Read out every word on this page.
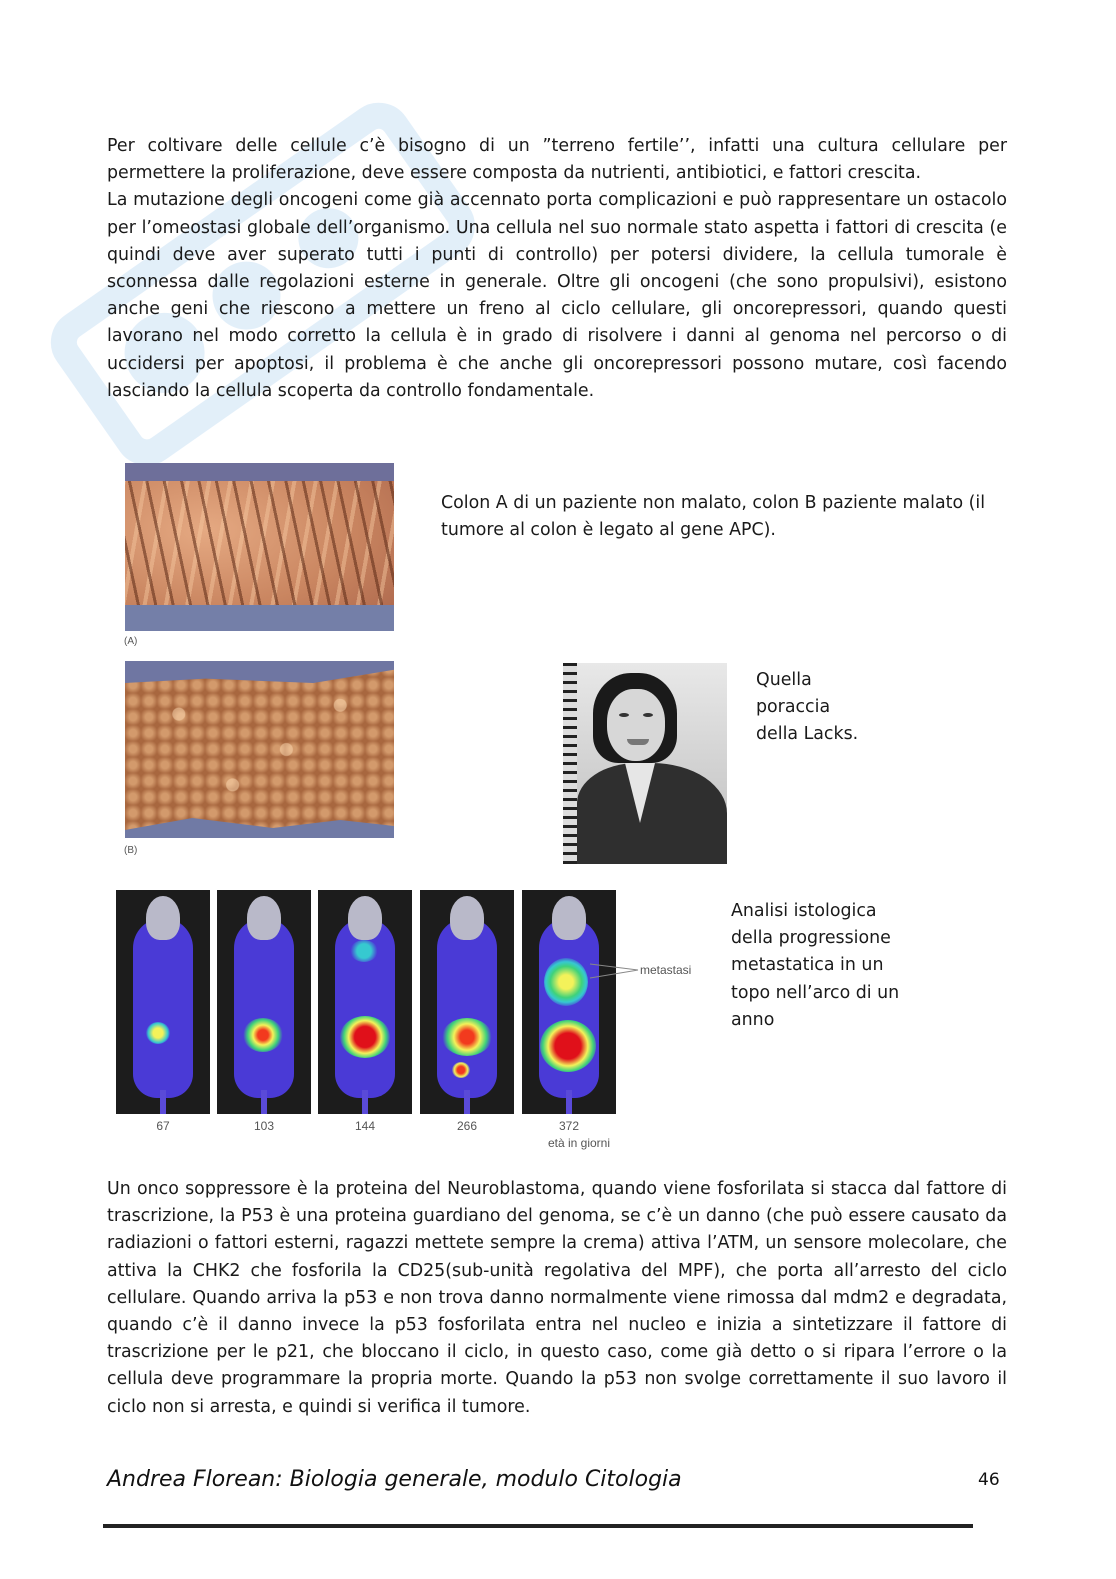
Per coltivare delle cellule c’è bisogno di un ”terreno fertile’’, infatti una cultura cellulare per permettere la proliferazione, deve essere composta da nutrienti, antibiotici, e fattori crescita.

La mutazione degli oncogeni come già accennato porta complicazioni e può rappresentare un ostacolo per l’omeostasi globale dell’organismo. Una cellula nel suo normale stato aspetta i fattori di crescita (e quindi deve aver superato tutti i punti di controllo) per potersi dividere, la cellula tumorale è sconnessa dalle regolazioni esterne in generale. Oltre gli oncogeni (che sono propulsivi), esistono anche geni che riescono a mettere un freno al ciclo cellulare, gli oncorepressori, quando questi lavorano nel modo corretto la cellula è in grado di risolvere i danni al genoma nel percorso o di uccidersi per apoptosi, il problema è che anche gli oncorepressori possono mutare, così facendo lasciando la cellula scoperta da controllo fondamentale.

(A)
(B)
Colon A di un paziente non malato, colon B paziente malato (il
tumore al colon è legato al gene APC).
Quella
poraccia
della Lacks.
metastasi
67	103	144	266	372
età in giorni
Analisi istologica
della progressione
metastatica in un
topo nell’arco di un
anno

Un onco soppressore è la proteina del Neuroblastoma, quando viene fosforilata si stacca dal fattore di trascrizione, la P53 è una proteina guardiano del genoma, se c’è un danno (che può essere causato da radiazioni o fattori esterni, ragazzi mettete sempre la crema) attiva l’ATM, un sensore molecolare, che attiva la CHK2 che fosforila la CD25(sub-unità regolativa del MPF), che porta all’arresto del ciclo cellulare. Quando arriva la p53 e non trova danno normalmente viene rimossa dal mdm2 e degradata, quando c’è il danno invece la p53 fosforilata entra nel nucleo e inizia a sintetizzare il fattore di trascrizione per le p21, che bloccano il ciclo, in questo caso, come già detto o si ripara l’errore o la cellula deve programmare la propria morte. Quando la p53 non svolge correttamente il suo lavoro il ciclo non si arresta, e quindi si verifica il tumore.

Andrea Florean: Biologia generale, modulo Citologia	46
